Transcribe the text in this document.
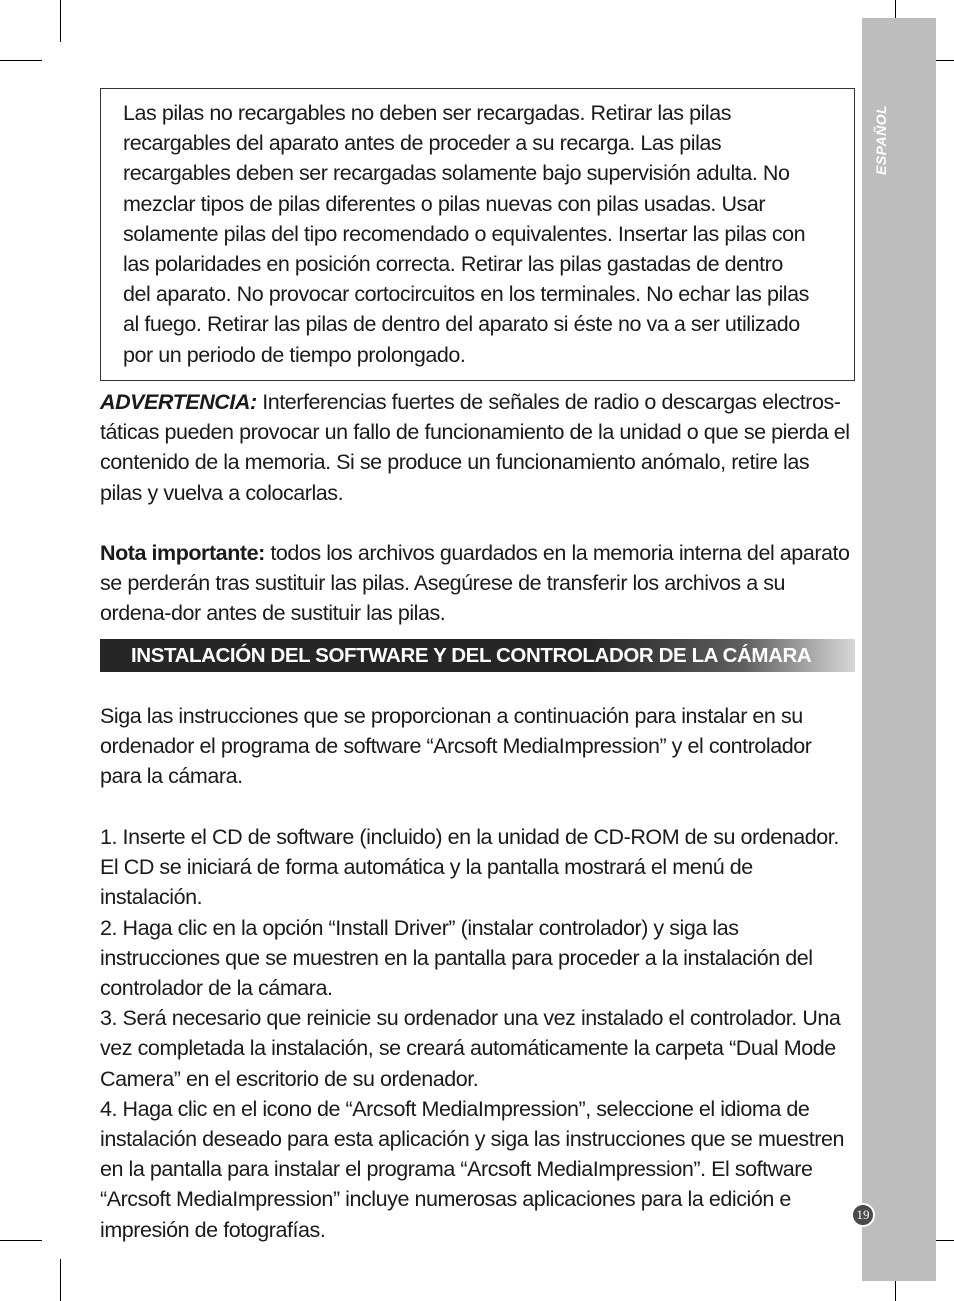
ESPAÑOL
19

Las pilas no recargables no deben ser recargadas. Retirar las pilas recargables del aparato antes de proceder a su recarga. Las pilas recargables deben ser recargadas solamente bajo supervisión adulta. No mezclar tipos de pilas diferentes o pilas nuevas con pilas usadas. Usar solamente pilas del tipo recomendado o equivalentes. Insertar las pilas con las polaridades en posición correcta. Retirar las pilas gastadas de dentro del aparato. No provocar cortocircuitos en los terminales. No echar las pilas al fuego. Retirar las pilas de dentro del aparato si éste no va a ser utilizado por un periodo de tiempo prolongado.

ADVERTENCIA: Interferencias fuertes de señales de radio o descargas electros-táticas pueden provocar un fallo de funcionamiento de la unidad o que se pierda el contenido de la memoria. Si se produce un funcionamiento anómalo, retire las pilas y vuelva a colocarlas.

Nota importante: todos los archivos guardados en la memoria interna del aparato se perderán tras sustituir las pilas. Asegúrese de transferir los archivos a su ordena-dor antes de sustituir las pilas.

INSTALACIÓN DEL SOFTWARE Y DEL CONTROLADOR DE LA CÁMARA

Siga las instrucciones que se proporcionan a continuación para instalar en su ordenador el programa de software “Arcsoft MediaImpression” y el controlador para la cámara.

1. Inserte el CD de software (incluido) en la unidad de CD-ROM de su ordenador. El CD se iniciará de forma automática y la pantalla mostrará el menú de instalación.

2. Haga clic en la opción “Install Driver” (instalar controlador) y siga las instrucciones que se muestren en la pantalla para proceder a la instalación del controlador de la cámara.

3. Será necesario que reinicie su ordenador una vez instalado el controlador. Una vez completada la instalación, se creará automáticamente la carpeta “Dual Mode Camera” en el escritorio de su ordenador.

4. Haga clic en el icono de “Arcsoft MediaImpression”, seleccione el idioma de instalación deseado para esta aplicación y siga las instrucciones que se muestren en la pantalla para instalar el programa “Arcsoft MediaImpression”. El software “Arcsoft MediaImpression” incluye numerosas aplicaciones para la edición e impresión de fotografías.
